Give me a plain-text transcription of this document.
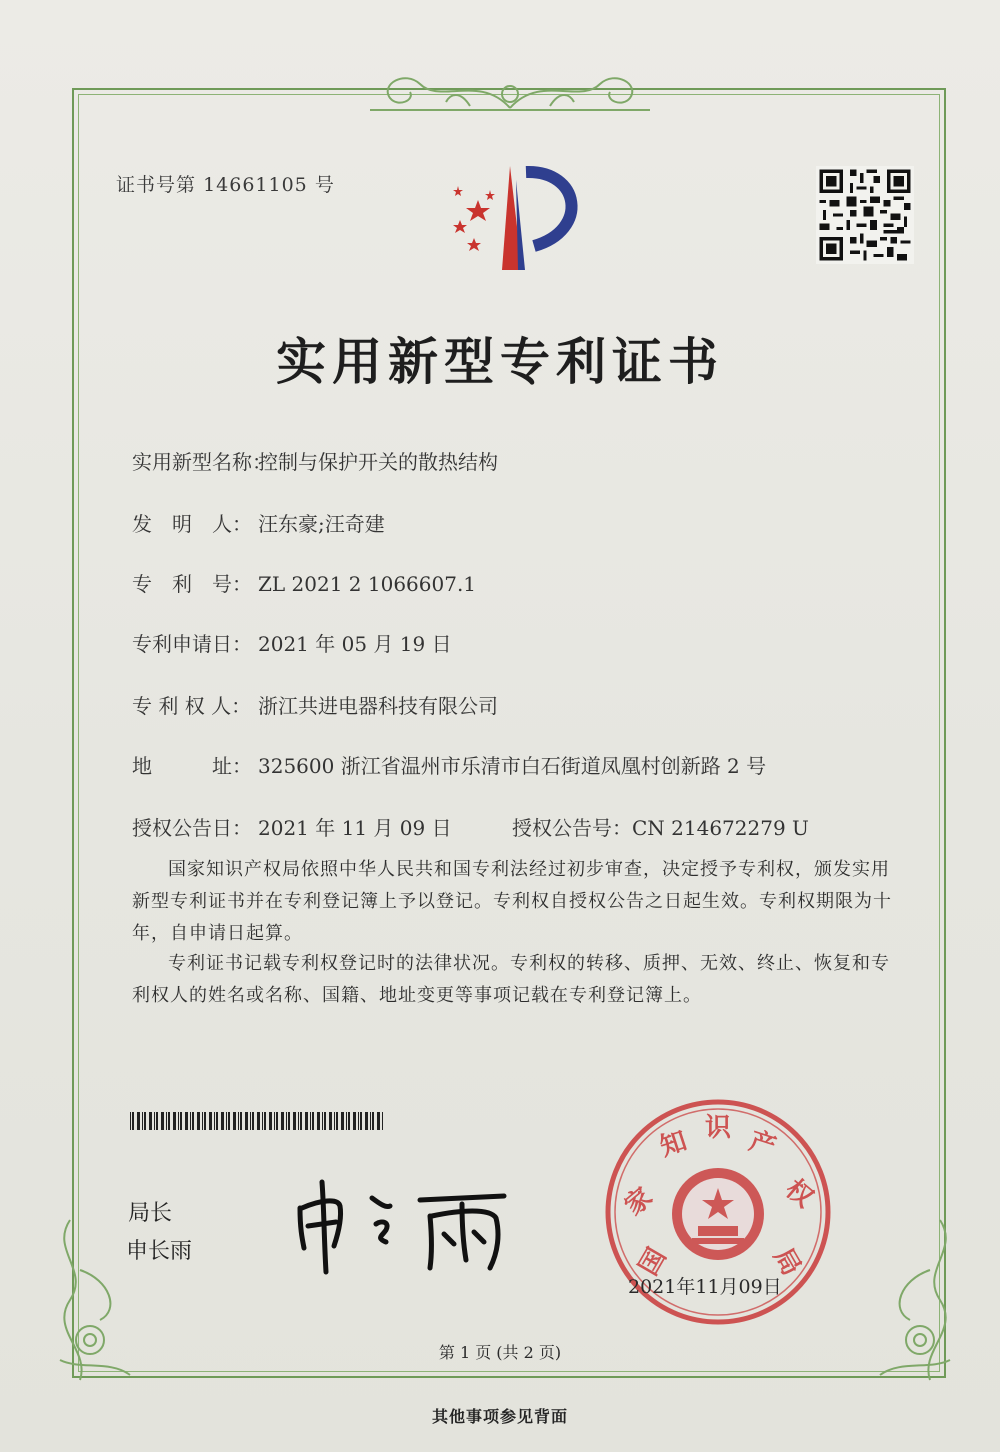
证书号第 14661105 号
实用新型专利证书
实用新型名称：控制与保护开关的散热结构
发　明　人： 汪东豪;汪奇建
专　利　号： ZL 2021 2 1066607.1
专利申请日： 2021 年 05 月 19 日
专 利 权 人： 浙江共进电器科技有限公司
地　　　址： 325600 浙江省温州市乐清市白石街道凤凰村创新路 2 号
授权公告日： 2021 年 11 月 09 日	授权公告号：CN 214672279 U
国家知识产权局依照中华人民共和国专利法经过初步审查，决定授予专利权，颁发实用新型专利证书并在专利登记簿上予以登记。专利权自授权公告之日起生效。专利权期限为十年，自申请日起算。
专利证书记载专利权登记时的法律状况。专利权的转移、质押、无效、终止、恢复和专利权人的姓名或名称、国籍、地址变更等事项记载在专利登记簿上。
局长
申长雨	国
家
知 识 产
权
局
2021年11月09日
第 1 页 (共 2 页)
其他事项参见背面
